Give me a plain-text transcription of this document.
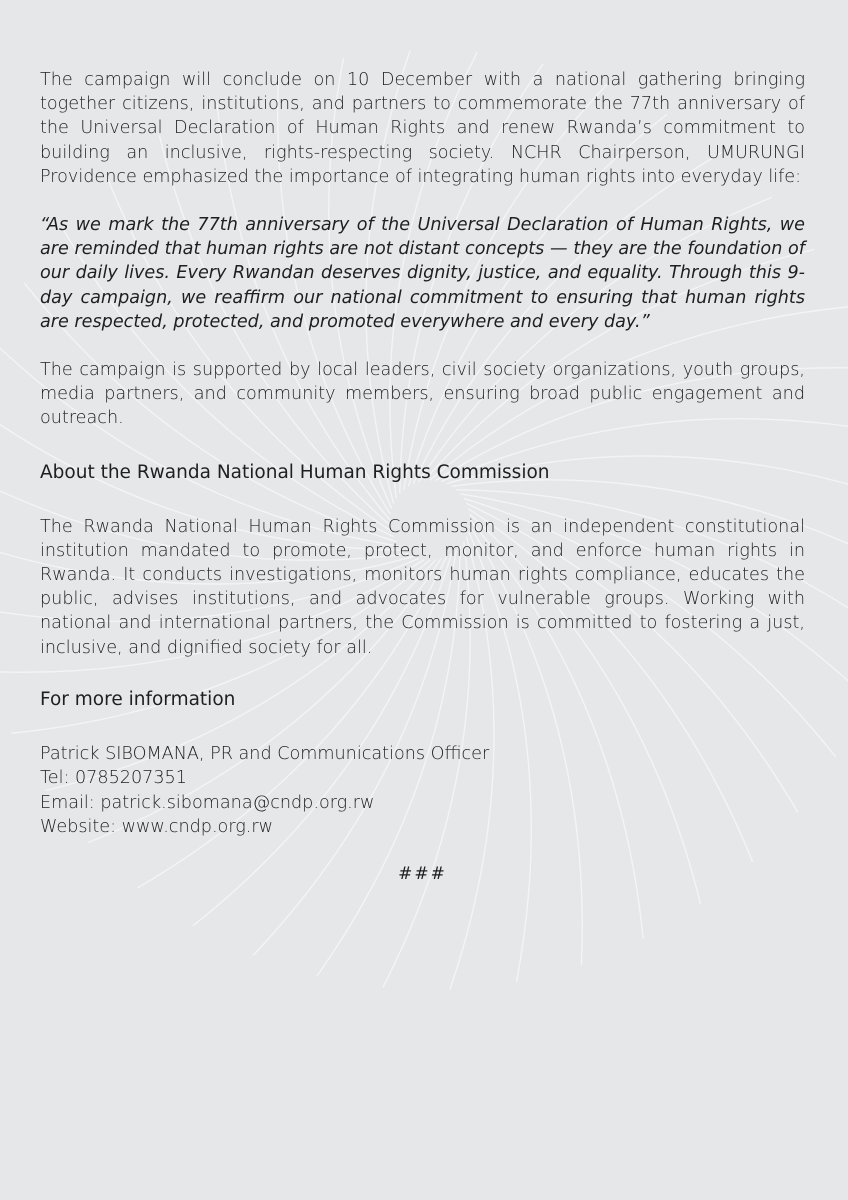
The campaign will conclude on 10 December with a national gathering bringing together citizens, institutions, and partners to commemorate the 77th anniversary of the Universal Declaration of Human Rights and renew Rwanda’s commitment to building an inclusive, rights-respecting society. NCHR Chairperson, UMURUNGI Providence emphasized the importance of integrating human rights into everyday life:

“As we mark the 77th anniversary of the Universal Declaration of Human Rights, we are reminded that human rights are not distant concepts — they are the foundation of our daily lives. Every Rwandan deserves dignity, justice, and equality. Through this 9-day campaign, we reaffirm our national commitment to ensuring that human rights are respected, protected, and promoted everywhere and every day.”

The campaign is supported by local leaders, civil society organizations, youth groups, media partners, and community members, ensuring broad public engagement and outreach.

About the Rwanda National Human Rights Commission

The Rwanda National Human Rights Commission is an independent constitutional institution mandated to promote, protect, monitor, and enforce human rights in Rwanda. It conducts investigations, monitors human rights compliance, educates the public, advises institutions, and advocates for vulnerable groups. Working with national and international partners, the Commission is committed to fostering a just, inclusive, and dignified society for all.

For more information
Patrick SIBOMANA, PR and Communications Officer
Tel: 0785207351
Email: patrick.sibomana@cndp.org.rw
Website: www.cndp.org.rw
###
